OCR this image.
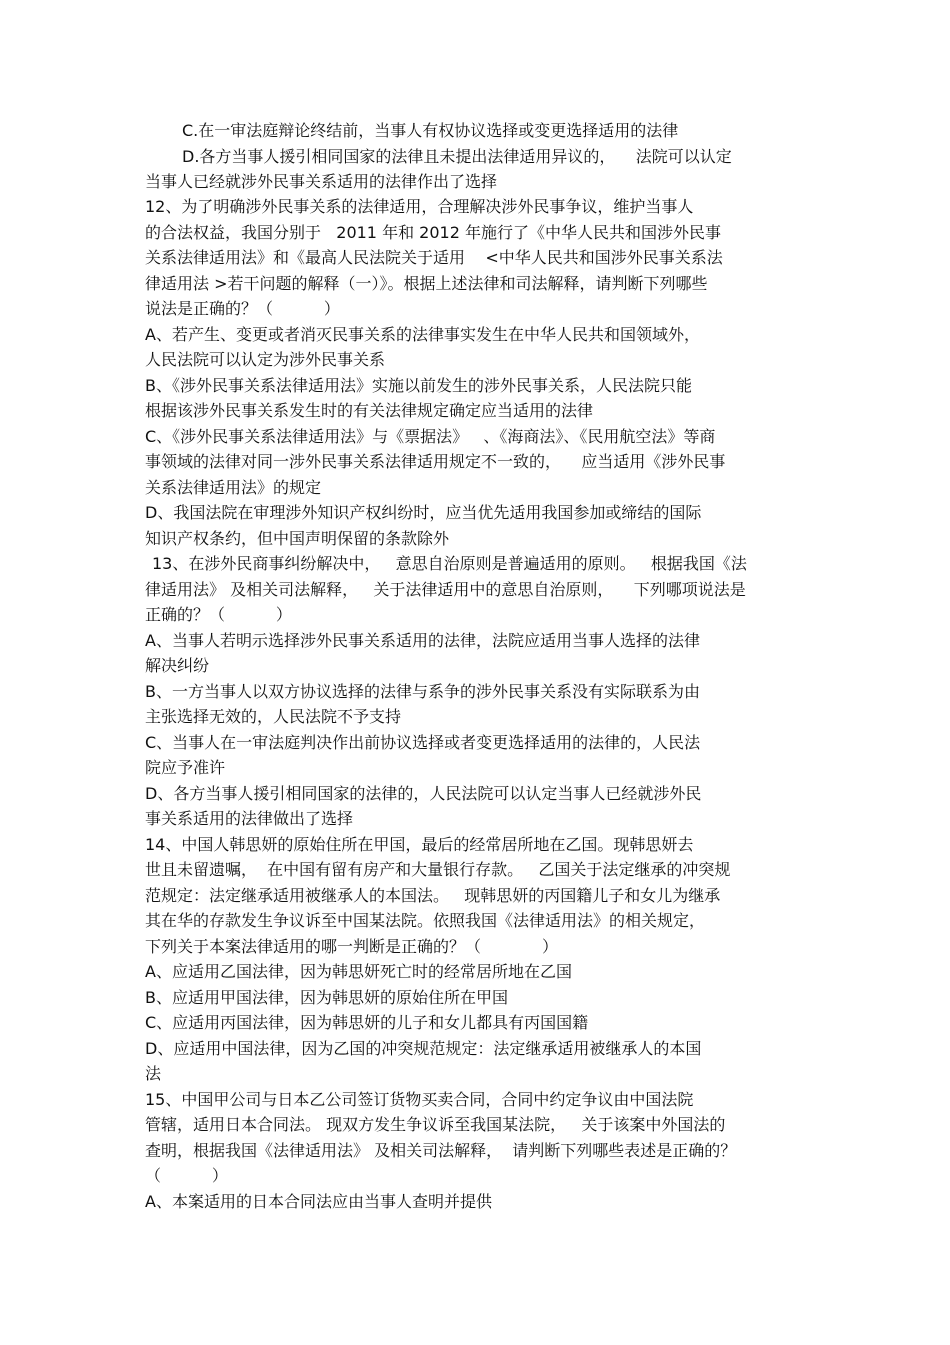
C.在一审法庭辩论终结前，当事人有权协议选择或变更选择适用的法律

D.各方当事人援引相同国家的法律且未提出法律适用异议的，    法院可以认定

当事人已经就涉外民事关系适用的法律作出了选择

12、为了明确涉外民事关系的法律适用，合理解决涉外民事争议，维护当事人

的合法权益，我国分别于   2011 年和 2012 年施行了《中华人民共和国涉外民事

关系法律适用法》和《最高人民法院关于适用    <中华人民共和国涉外民事关系法

律适用法 >若干问题的解释（一）》。根据上述法律和司法解释，请判断下列哪些

说法是正确的？（          ）

A、若产生、变更或者消灭民事关系的法律事实发生在中华人民共和国领域外，

人民法院可以认定为涉外民事关系

B、《涉外民事关系法律适用法》实施以前发生的涉外民事关系，人民法院只能

根据该涉外民事关系发生时的有关法律规定确定应当适用的法律

C、《涉外民事关系法律适用法》与《票据法》   、《海商法》、《民用航空法》等商

事领域的法律对同一涉外民事关系法律适用规定不一致的，    应当适用《涉外民事

关系法律适用法》的规定

D、我国法院在审理涉外知识产权纠纷时，应当优先适用我国参加或缔结的国际

知识产权条约，但中国声明保留的条款除外

13、在涉外民商事纠纷解决中，   意思自治原则是普遍适用的原则。   根据我国《法

律适用法》 及相关司法解释，   关于法律适用中的意思自治原则，    下列哪项说法是

正确的？（          ）

A、当事人若明示选择涉外民事关系适用的法律，法院应适用当事人选择的法律

解决纠纷

B、一方当事人以双方协议选择的法律与系争的涉外民事关系没有实际联系为由

主张选择无效的，人民法院不予支持

C、当事人在一审法庭判决作出前协议选择或者变更选择适用的法律的，人民法

院应予准许

D、各方当事人援引相同国家的法律的，人民法院可以认定当事人已经就涉外民

事关系适用的法律做出了选择

14、中国人韩思妍的原始住所在甲国，最后的经常居所地在乙国。现韩思妍去

世且未留遗嘱，  在中国有留有房产和大量银行存款。   乙国关于法定继承的冲突规

范规定：法定继承适用被继承人的本国法。   现韩思妍的丙国籍儿子和女儿为继承

其在华的存款发生争议诉至中国某法院。依照我国《法律适用法》的相关规定，

下列关于本案法律适用的哪一判断是正确的？（            ）

A、应适用乙国法律，因为韩思妍死亡时的经常居所地在乙国

B、应适用甲国法律，因为韩思妍的原始住所在甲国

C、应适用丙国法律，因为韩思妍的儿子和女儿都具有丙国国籍

D、应适用中国法律，因为乙国的冲突规范规定：法定继承适用被继承人的本国

法

15、中国甲公司与日本乙公司签订货物买卖合同，合同中约定争议由中国法院

管辖，适用日本合同法。 现双方发生争议诉至我国某法院，   关于该案中外国法的

查明，根据我国《法律适用法》 及相关司法解释，  请判断下列哪些表述是正确的？

（          ）

A、本案适用的日本合同法应由当事人查明并提供
